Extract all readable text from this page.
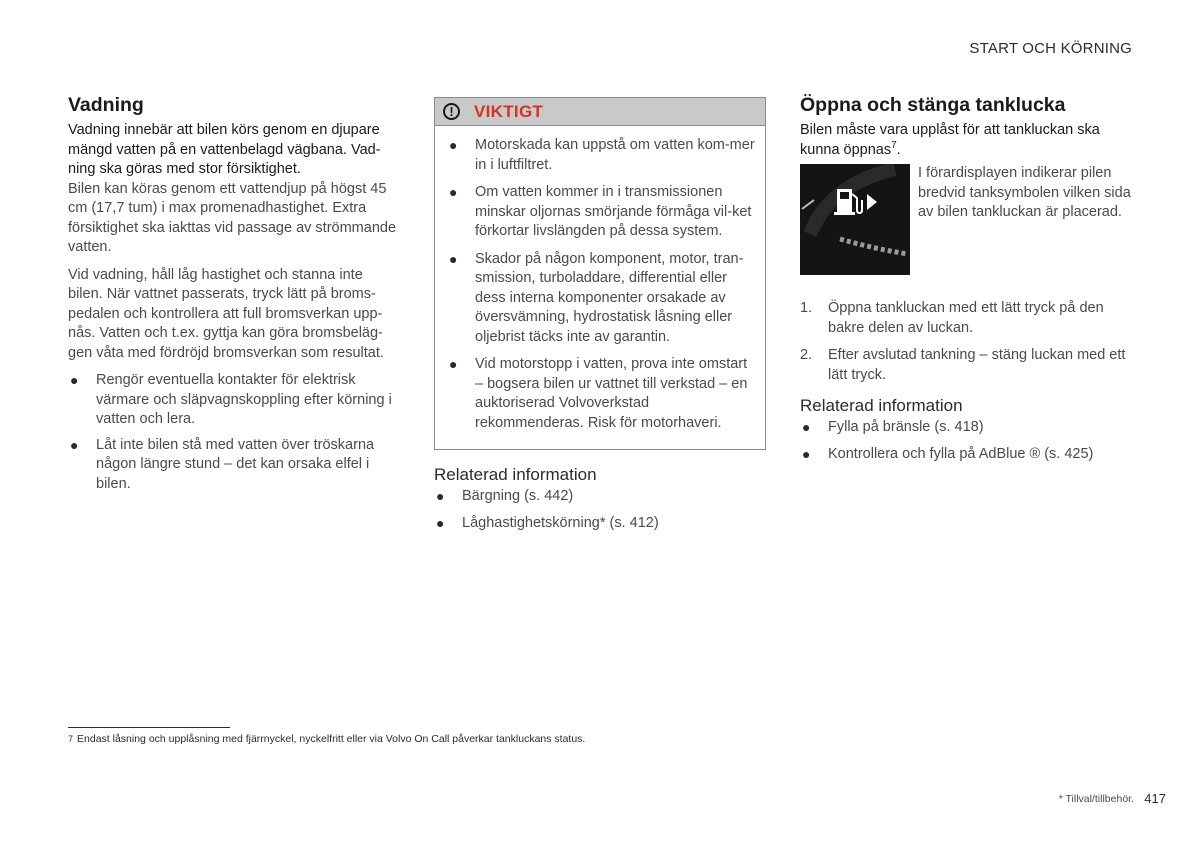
START OCH KÖRNING
Vadning

Vadning innebär att bilen körs genom en djupare mängd vatten på en vattenbelagd vägbana. Vad-ning ska göras med stor försiktighet.

Bilen kan köras genom ett vattendjup på högst 45 cm (17,7 tum) i max promenadhastighet. Extra försiktighet ska iakttas vid passage av strömmande vatten.

Vid vadning, håll låg hastighet och stanna inte bilen. När vattnet passerats, tryck lätt på broms-pedalen och kontrollera att full bromsverkan upp-nås. Vatten och t.ex. gyttja kan göra bromsbeläg-gen våta med fördröjd bromsverkan som resultat.

● Rengör eventuella kontakter för elektrisk värmare och släpvagnskoppling efter körning i vatten och lera.
● Låt inte bilen stå med vatten över tröskarna någon längre stund – det kan orsaka elfel i bilen.
!	VIKTIGT
● Motorskada kan uppstå om vatten kom-mer in i luftfiltret.
● Om vatten kommer in i transmissionen minskar oljornas smörjande förmåga vil-ket förkortar livslängden på dessa system.
● Skador på någon komponent, motor, tran-smission, turboladdare, differential eller dess interna komponenter orsakade av översvämning, hydrostatisk låsning eller oljebrist täcks inte av garantin.
● Vid motorstopp i vatten, prova inte omstart – bogsera bilen ur vattnet till verkstad – en auktoriserad Volvoverkstad rekommenderas. Risk för motorhaveri.
Relaterad information
● Bärgning (s. 442)
● Låghastighetskörning* (s. 412)
Öppna och stänga tanklucka

Bilen måste vara upplåst för att tankluckan ska kunna öppnas$^7$.

I förardisplayen indikerar pilen bredvid tanksymbolen vilken sida av bilen tankluckan är placerad.
1. Öppna tankluckan med ett lätt tryck på den bakre delen av luckan.
2. Efter avslutad tankning – stäng luckan med ett lätt tryck.
Relaterad information
● Fylla på bränsle (s. 418)
● Kontrollera och fylla på AdBlue ® (s. 425)
7 Endast låsning och upplåsning med fjärrnyckel, nyckelfritt eller via Volvo On Call påverkar tankluckans status.
* Tillval/tillbehör. 417
